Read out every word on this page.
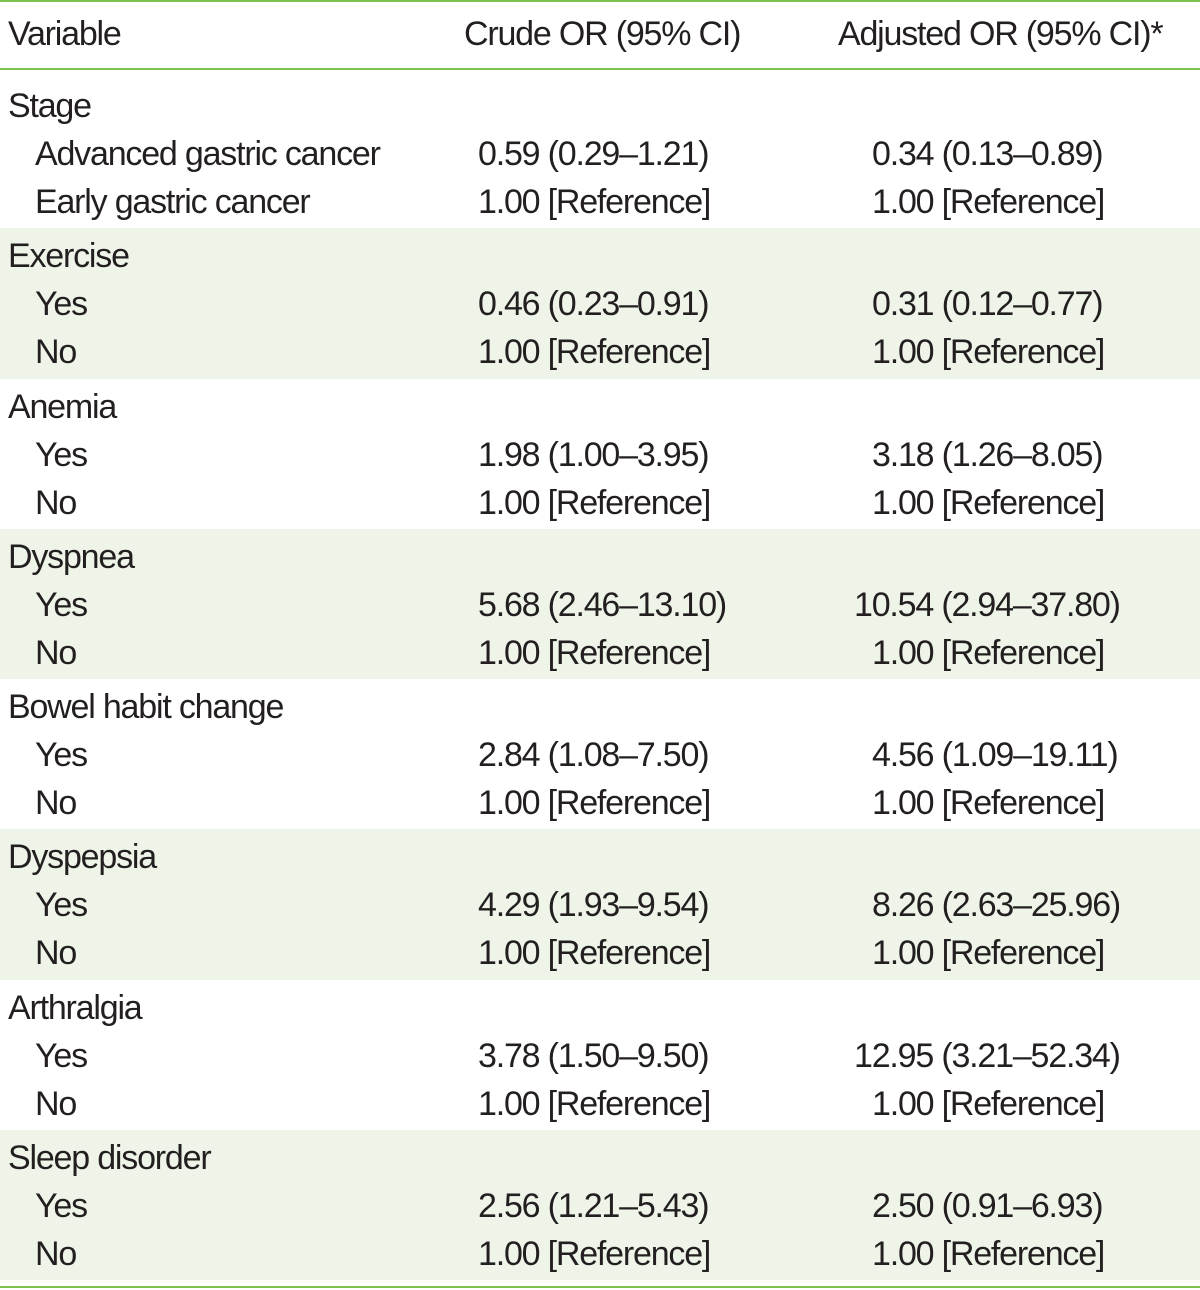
Variable	Crude OR (95% CI)	Adjusted OR (95% CI)*
Stage
Advanced gastric cancer	0.59 (0.29–1.21)	0.34 (0.13–0.89)
Early gastric cancer	1.00 [Reference]	1.00 [Reference]
Exercise
Yes	0.46 (0.23–0.91)	0.31 (0.12–0.77)
No	1.00 [Reference]	1.00 [Reference]
Anemia
Yes	1.98 (1.00–3.95)	3.18 (1.26–8.05)
No	1.00 [Reference]	1.00 [Reference]
Dyspnea
Yes	5.68 (2.46–13.10)	10.54 (2.94–37.80)
No	1.00 [Reference]	1.00 [Reference]
Bowel habit change
Yes	2.84 (1.08–7.50)	4.56 (1.09–19.11)
No	1.00 [Reference]	1.00 [Reference]
Dyspepsia
Yes	4.29 (1.93–9.54)	8.26 (2.63–25.96)
No	1.00 [Reference]	1.00 [Reference]
Arthralgia
Yes	3.78 (1.50–9.50)	12.95 (3.21–52.34)
No	1.00 [Reference]	1.00 [Reference]
Sleep disorder
Yes	2.56 (1.21–5.43)	2.50 (0.91–6.93)
No	1.00 [Reference]	1.00 [Reference]
